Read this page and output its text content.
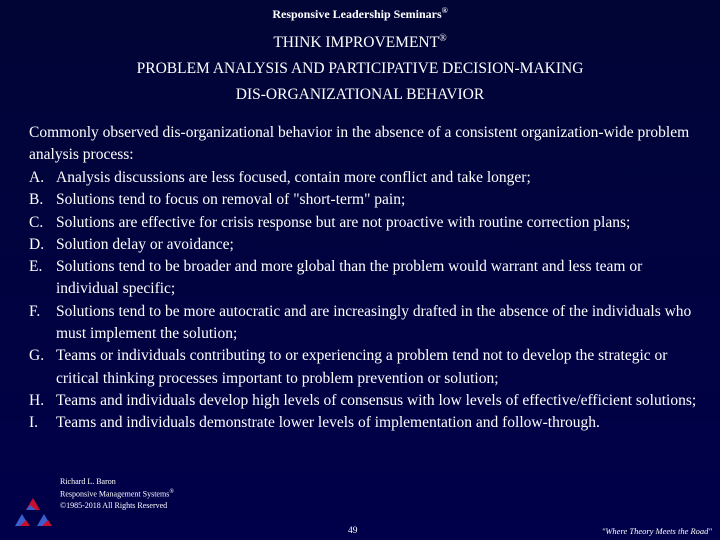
Responsive Leadership Seminars®
THINK IMPROVEMENT®
PROBLEM ANALYSIS AND PARTICIPATIVE DECISION-MAKING
DIS-ORGANIZATIONAL BEHAVIOR

Commonly observed dis-organizational behavior in the absence of a consistent organization-wide problem analysis process:

A. Analysis discussions are less focused, contain more conflict and take longer;
B. Solutions tend to focus on removal of "short-term" pain;
C. Solutions are effective for crisis response but are not proactive with routine correction plans;
D. Solution delay or avoidance;
E. Solutions tend to be broader and more global than the problem would warrant and less team or individual specific;
F.	Solutions tend to be more autocratic and are increasingly drafted in the absence of the individuals who must implement the solution;
G. Teams or individuals contributing to or experiencing a problem tend not to develop the strategic or critical thinking processes important to problem prevention or solution;
H. Teams and individuals develop high levels of consensus with low levels of effective/efficient solutions;
I.	Teams and individuals demonstrate lower levels of implementation and follow-through.
Richard L. Baron
Responsive Management Systems®
©1985-2018 All Rights Reserved
49	"Where Theory Meets the Road"
